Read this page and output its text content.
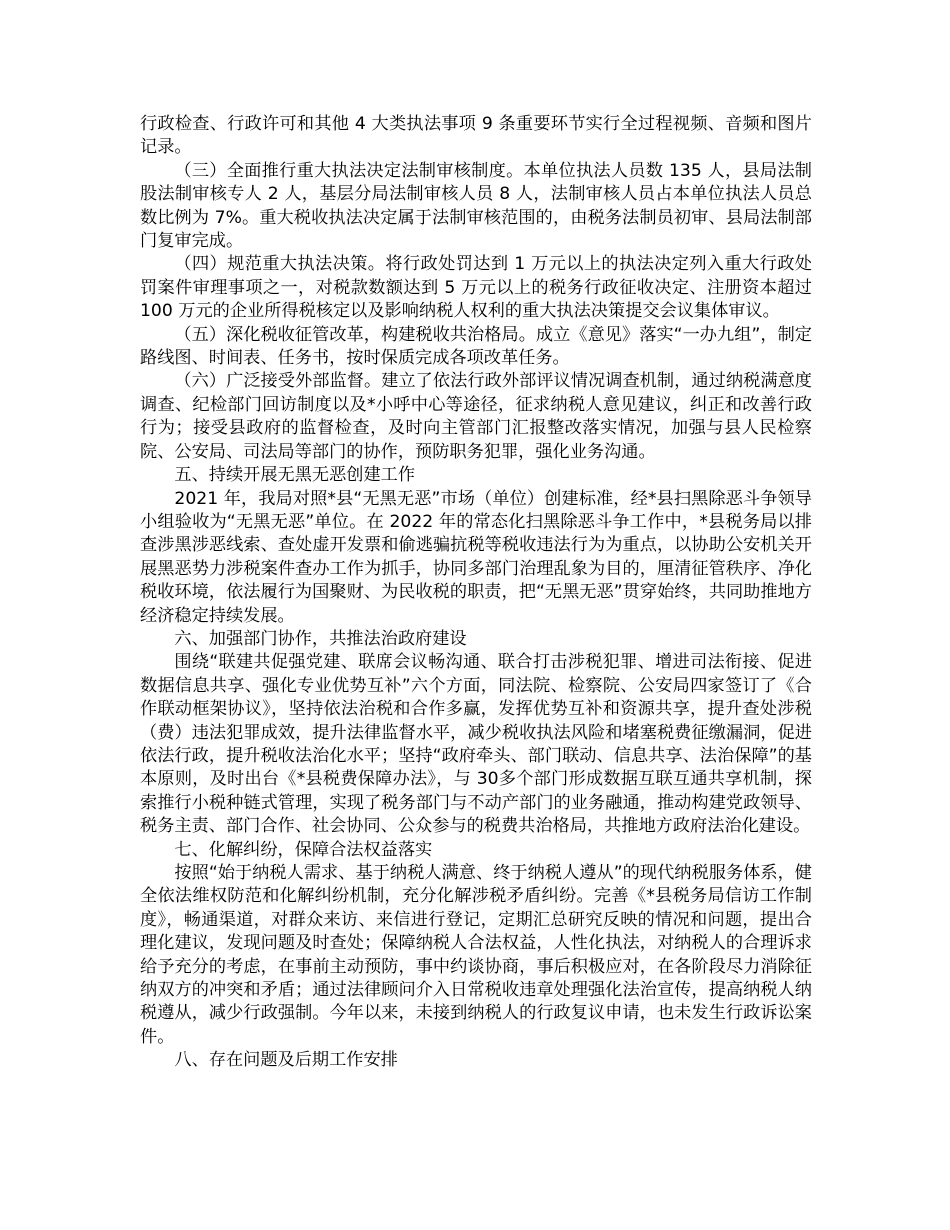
行政检查、行政许可和其他 4 大类执法事项 9 条重要环节实行全过程视频、音频和图片记录。

（三）全面推行重大执法决定法制审核制度。本单位执法人员数 135 人，县局法制股法制审核专人 2 人，基层分局法制审核人员 8 人，法制审核人员占本单位执法人员总数比例为 7%。重大税收执法决定属于法制审核范围的，由税务法制员初审、县局法制部门复审完成。

（四）规范重大执法决策。将行政处罚达到 1 万元以上的执法决定列入重大行政处罚案件审理事项之一，对税款数额达到 5 万元以上的税务行政征收决定、注册资本超过 100 万元的企业所得税核定以及影响纳税人权利的重大执法决策提交会议集体审议。

（五）深化税收征管改革，构建税收共治格局。成立《意见》落实“一办九组”，制定路线图、时间表、任务书，按时保质完成各项改革任务。

（六）广泛接受外部监督。建立了依法行政外部评议情况调查机制，通过纳税满意度调查、纪检部门回访制度以及*小呼中心等途径，征求纳税人意见建议，纠正和改善行政行为；接受县政府的监督检查，及时向主管部门汇报整改落实情况，加强与县人民检察院、公安局、司法局等部门的协作，预防职务犯罪，强化业务沟通。

五、持续开展无黑无恶创建工作

2021 年，我局对照*县“无黑无恶”市场（单位）创建标准，经*县扫黑除恶斗争领导小组验收为“无黑无恶”单位。在 2022 年的常态化扫黑除恶斗争工作中，*县税务局以排查涉黑涉恶线索、查处虚开发票和偷逃骗抗税等税收违法行为为重点，以协助公安机关开展黑恶势力涉税案件查办工作为抓手，协同多部门治理乱象为目的，厘清征管秩序、净化税收环境，依法履行为国聚财、为民收税的职责，把“无黑无恶”贯穿始终，共同助推地方经济稳定持续发展。

六、加强部门协作，共推法治政府建设

围绕“联建共促强党建、联席会议畅沟通、联合打击涉税犯罪、增进司法衔接、促进数据信息共享、强化专业优势互补”六个方面，同法院、检察院、公安局四家签订了《合作联动框架协议》，坚持依法治税和合作多赢，发挥优势互补和资源共享，提升查处涉税（费）违法犯罪成效，提升法律监督水平，减少税收执法风险和堵塞税费征缴漏洞，促进依法行政，提升税收法治化水平；坚持“政府牵头、部门联动、信息共享、法治保障”的基本原则，及时出台《*县税费保障办法》，与 30多个部门形成数据互联互通共享机制，探索推行小税种链式管理，实现了税务部门与不动产部门的业务融通，推动构建党政领导、税务主责、部门合作、社会协同、公众参与的税费共治格局，共推地方政府法治化建设。

七、化解纠纷，保障合法权益落实

按照“始于纳税人需求、基于纳税人满意、终于纳税人遵从”的现代纳税服务体系，健全依法维权防范和化解纠纷机制，充分化解涉税矛盾纠纷。完善《*县税务局信访工作制度》，畅通渠道，对群众来访、来信进行登记，定期汇总研究反映的情况和问题，提出合理化建议，发现问题及时查处；保障纳税人合法权益，人性化执法，对纳税人的合理诉求给予充分的考虑，在事前主动预防，事中约谈协商，事后积极应对，在各阶段尽力消除征纳双方的冲突和矛盾；通过法律顾问介入日常税收违章处理强化法治宣传，提高纳税人纳税遵从，减少行政强制。今年以来，未接到纳税人的行政复议申请，也未发生行政诉讼案件。

八、存在问题及后期工作安排
